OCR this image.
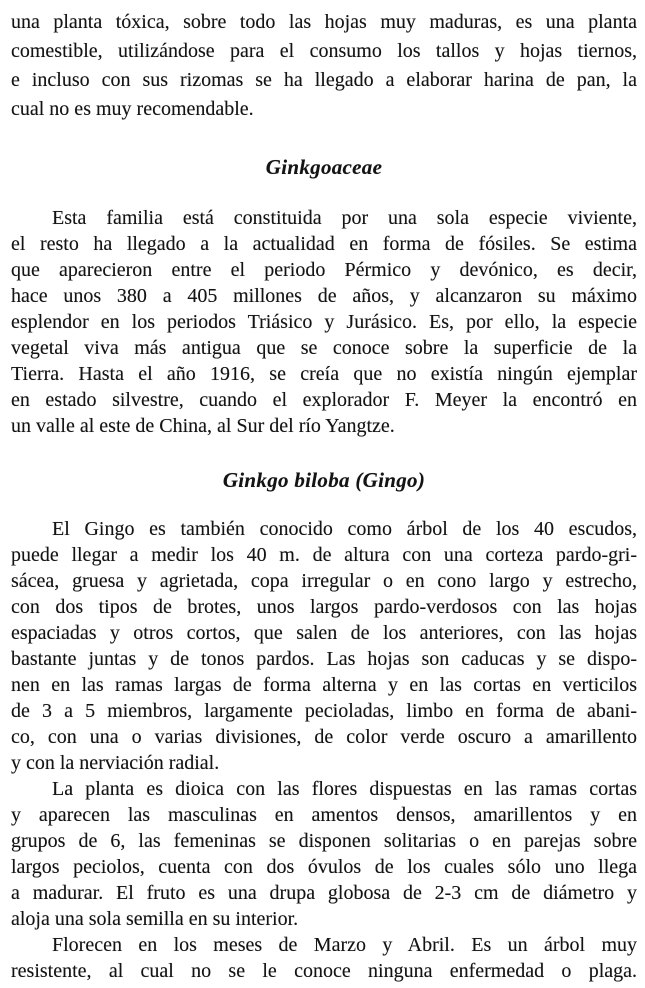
una planta tóxica, sobre todo las hojas muy maduras, es una planta
comestible, utilizándose para el consumo los tallos y hojas tiernos,
e incluso con sus rizomas se ha llegado a elaborar harina de pan, la
cual no es muy recomendable.
Ginkgoaceae
Esta familia está constituida por una sola especie viviente,
el resto ha llegado a la actualidad en forma de fósiles. Se estima
que aparecieron entre el periodo Pérmico y devónico, es decir,
hace unos 380 a 405 millones de años, y alcanzaron su máximo
esplendor en los periodos Triásico y Jurásico. Es, por ello, la especie
vegetal viva más antigua que se conoce sobre la superficie de la
Tierra. Hasta el año 1916, se creía que no existía ningún ejemplar
en estado silvestre, cuando el explorador F. Meyer la encontró en
un valle al este de China, al Sur del río Yangtze.
Ginkgo biloba (Gingo)
El Gingo es también conocido como árbol de los 40 escudos,
puede llegar a medir los 40 m. de altura con una corteza pardo-gri-
sácea, gruesa y agrietada, copa irregular o en cono largo y estrecho,
con dos tipos de brotes, unos largos pardo-verdosos con las hojas
espaciadas y otros cortos, que salen de los anteriores, con las hojas
bastante juntas y de tonos pardos. Las hojas son caducas y se dispo-
nen en las ramas largas de forma alterna y en las cortas en verticilos
de 3 a 5 miembros, largamente pecioladas, limbo en forma de abani-
co, con una o varias divisiones, de color verde oscuro a amarillento
y con la nerviación radial.
La planta es dioica con las flores dispuestas en las ramas cortas
y aparecen las masculinas en amentos densos, amarillentos y en
grupos de 6, las femeninas se disponen solitarias o en parejas sobre
largos peciolos, cuenta con dos óvulos de los cuales sólo uno llega
a madurar. El fruto es una drupa globosa de 2-3 cm de diámetro y
aloja una sola semilla en su interior.
Florecen en los meses de Marzo y Abril. Es un árbol muy
resistente, al cual no se le conoce ninguna enfermedad o plaga.
